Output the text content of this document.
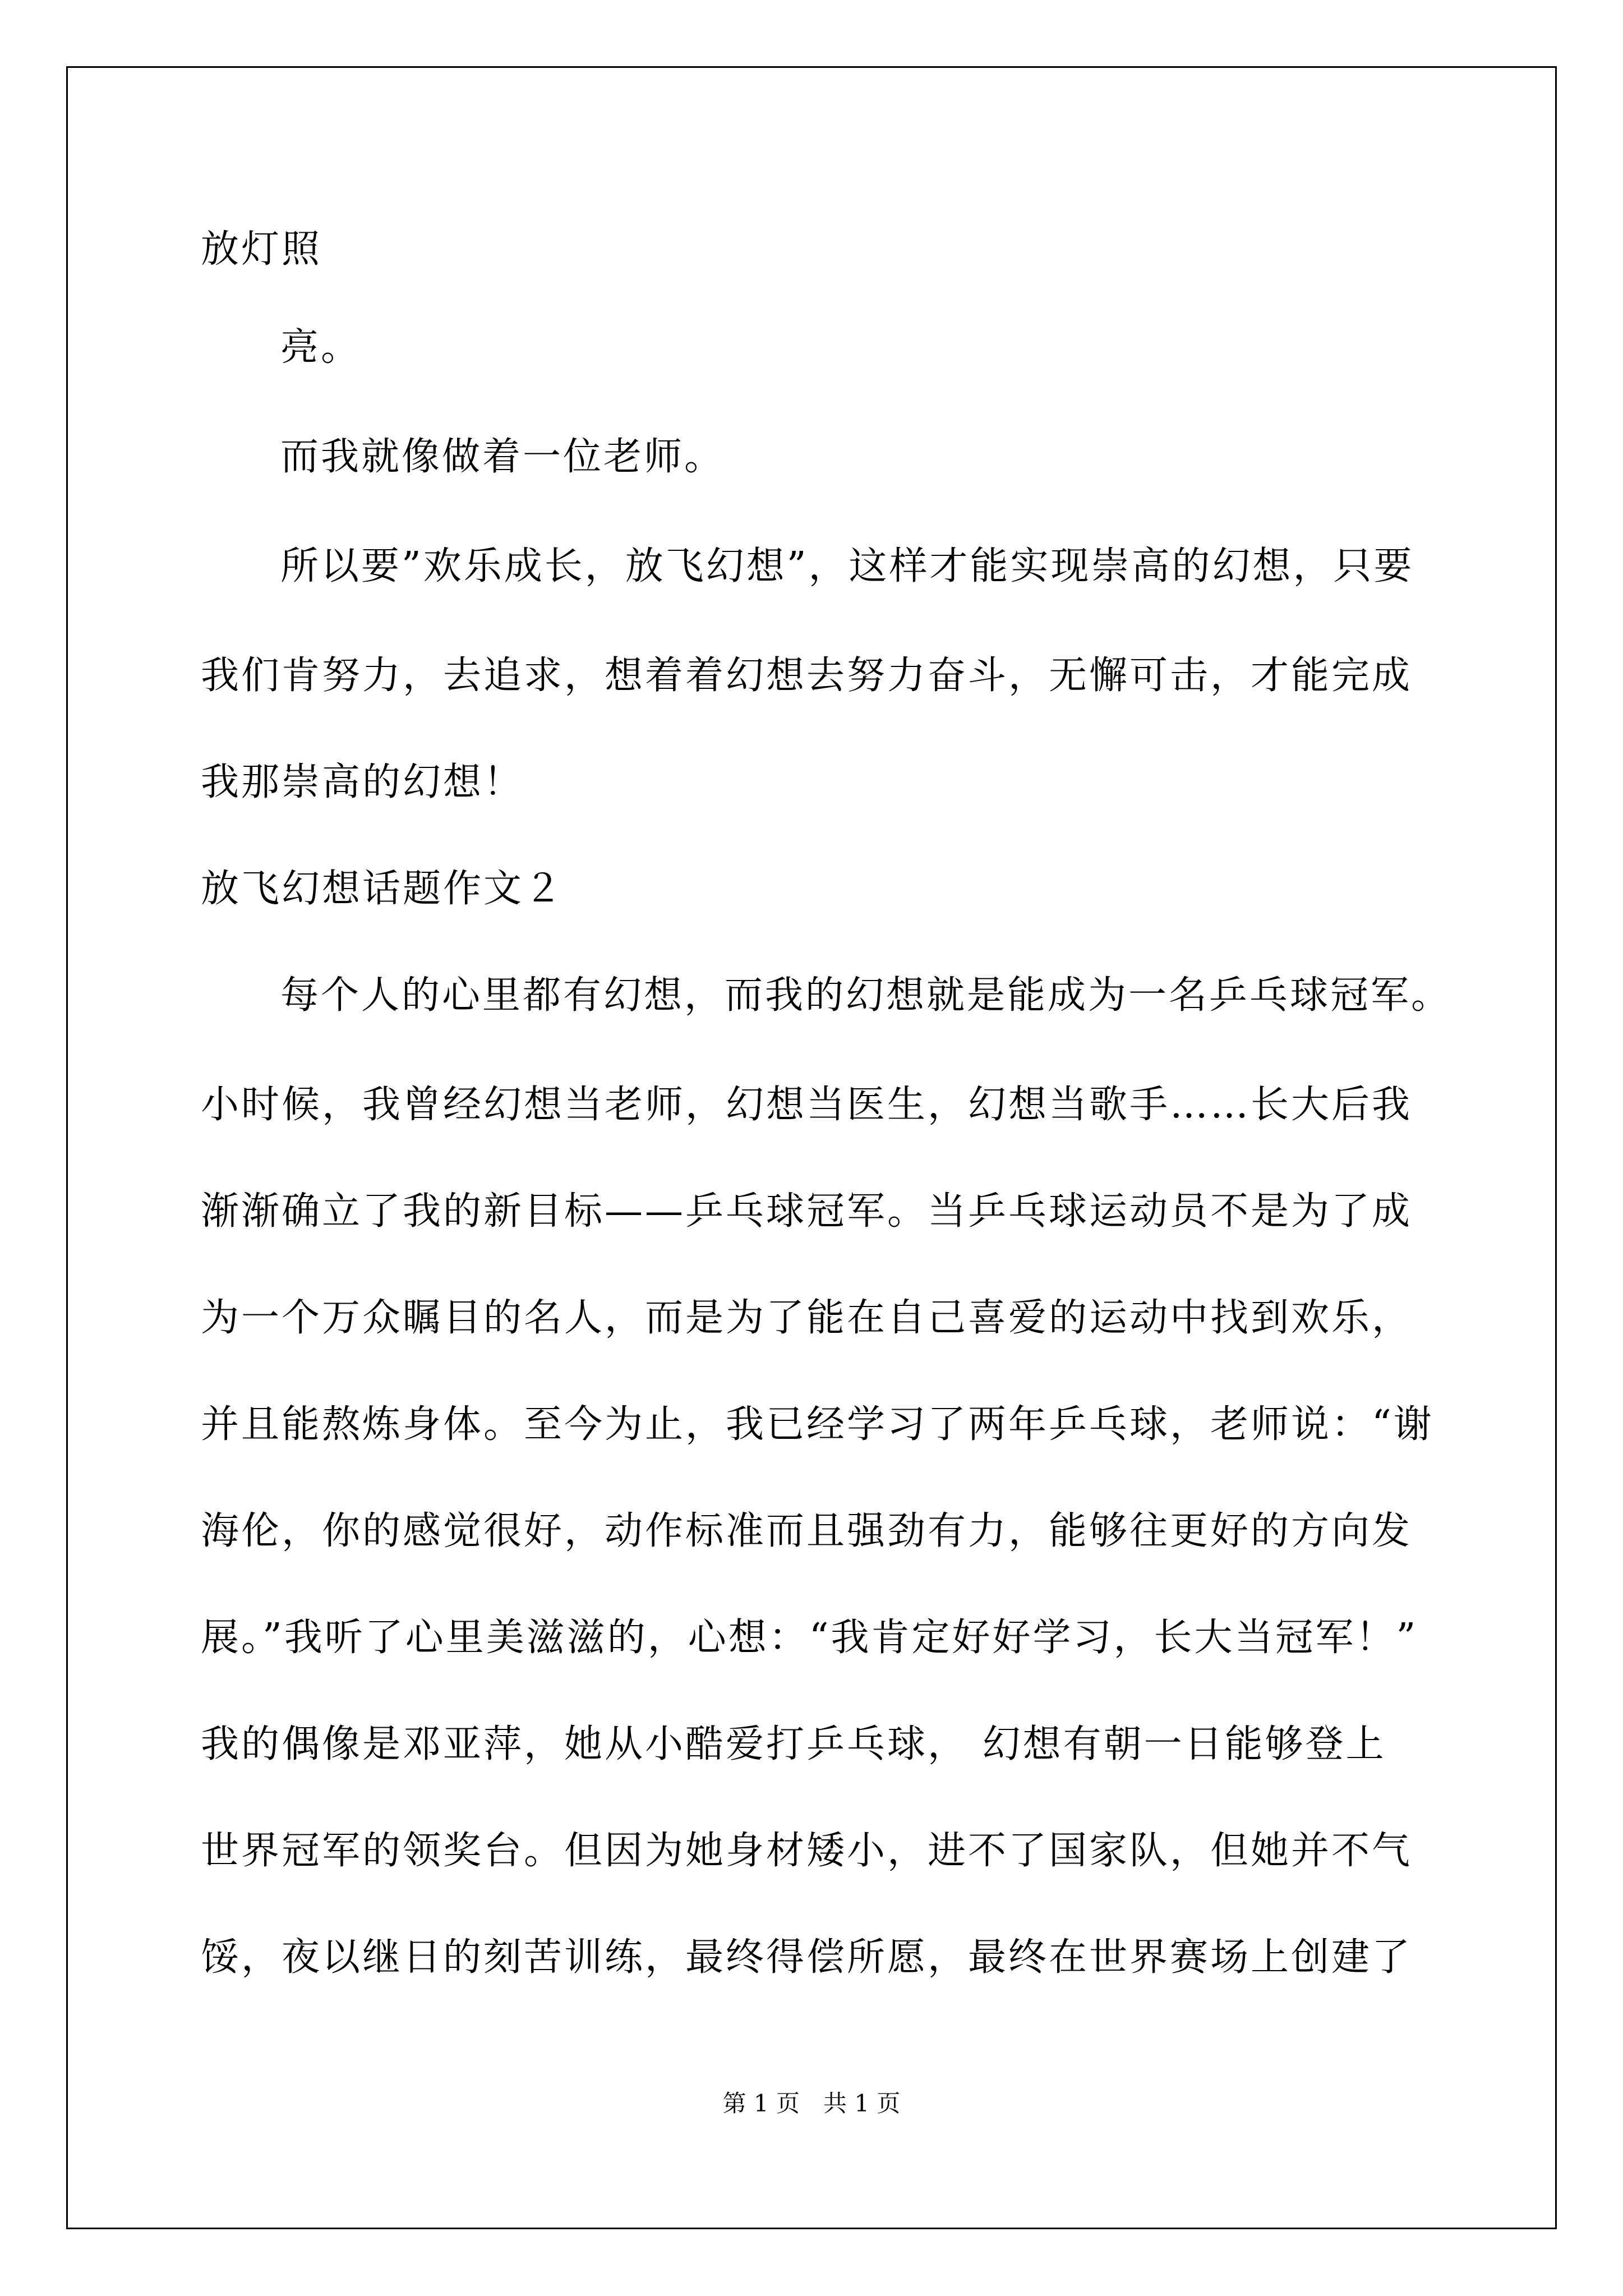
放灯照
亮。
而我就像做着一位老师。
所以要”欢乐成长，放飞幻想”，这样才能实现崇高的幻想，只要
我们肯努力，去追求，想着着幻想去努力奋斗，无懈可击，才能完成
我那崇高的幻想！
放飞幻想话题作文２
每个人的心里都有幻想，而我的幻想就是能成为一名乒乓球冠军。
小时候，我曾经幻想当老师，幻想当医生，幻想当歌手……长大后我
渐渐确立了我的新目标——乒乓球冠军。当乒乓球运动员不是为了成
为一个万众瞩目的名人，而是为了能在自己喜爱的运动中找到欢乐，
并且能熬炼身体。至今为止，我已经学习了两年乒乓球，老师说：“谢
海伦，你的感觉很好，动作标准而且强劲有力，能够往更好的方向发
展。”我听了心里美滋滋的，心想：“我肯定好好学习，长大当冠军！”
我的偶像是邓亚萍，她从小酷爱打乒乓球， 幻想有朝一日能够登上
世界冠军的领奖台。但因为她身材矮小，进不了国家队，但她并不气
馁，夜以继日的刻苦训练，最终得偿所愿，最终在世界赛场上创建了
第 1 页　共 1 页
